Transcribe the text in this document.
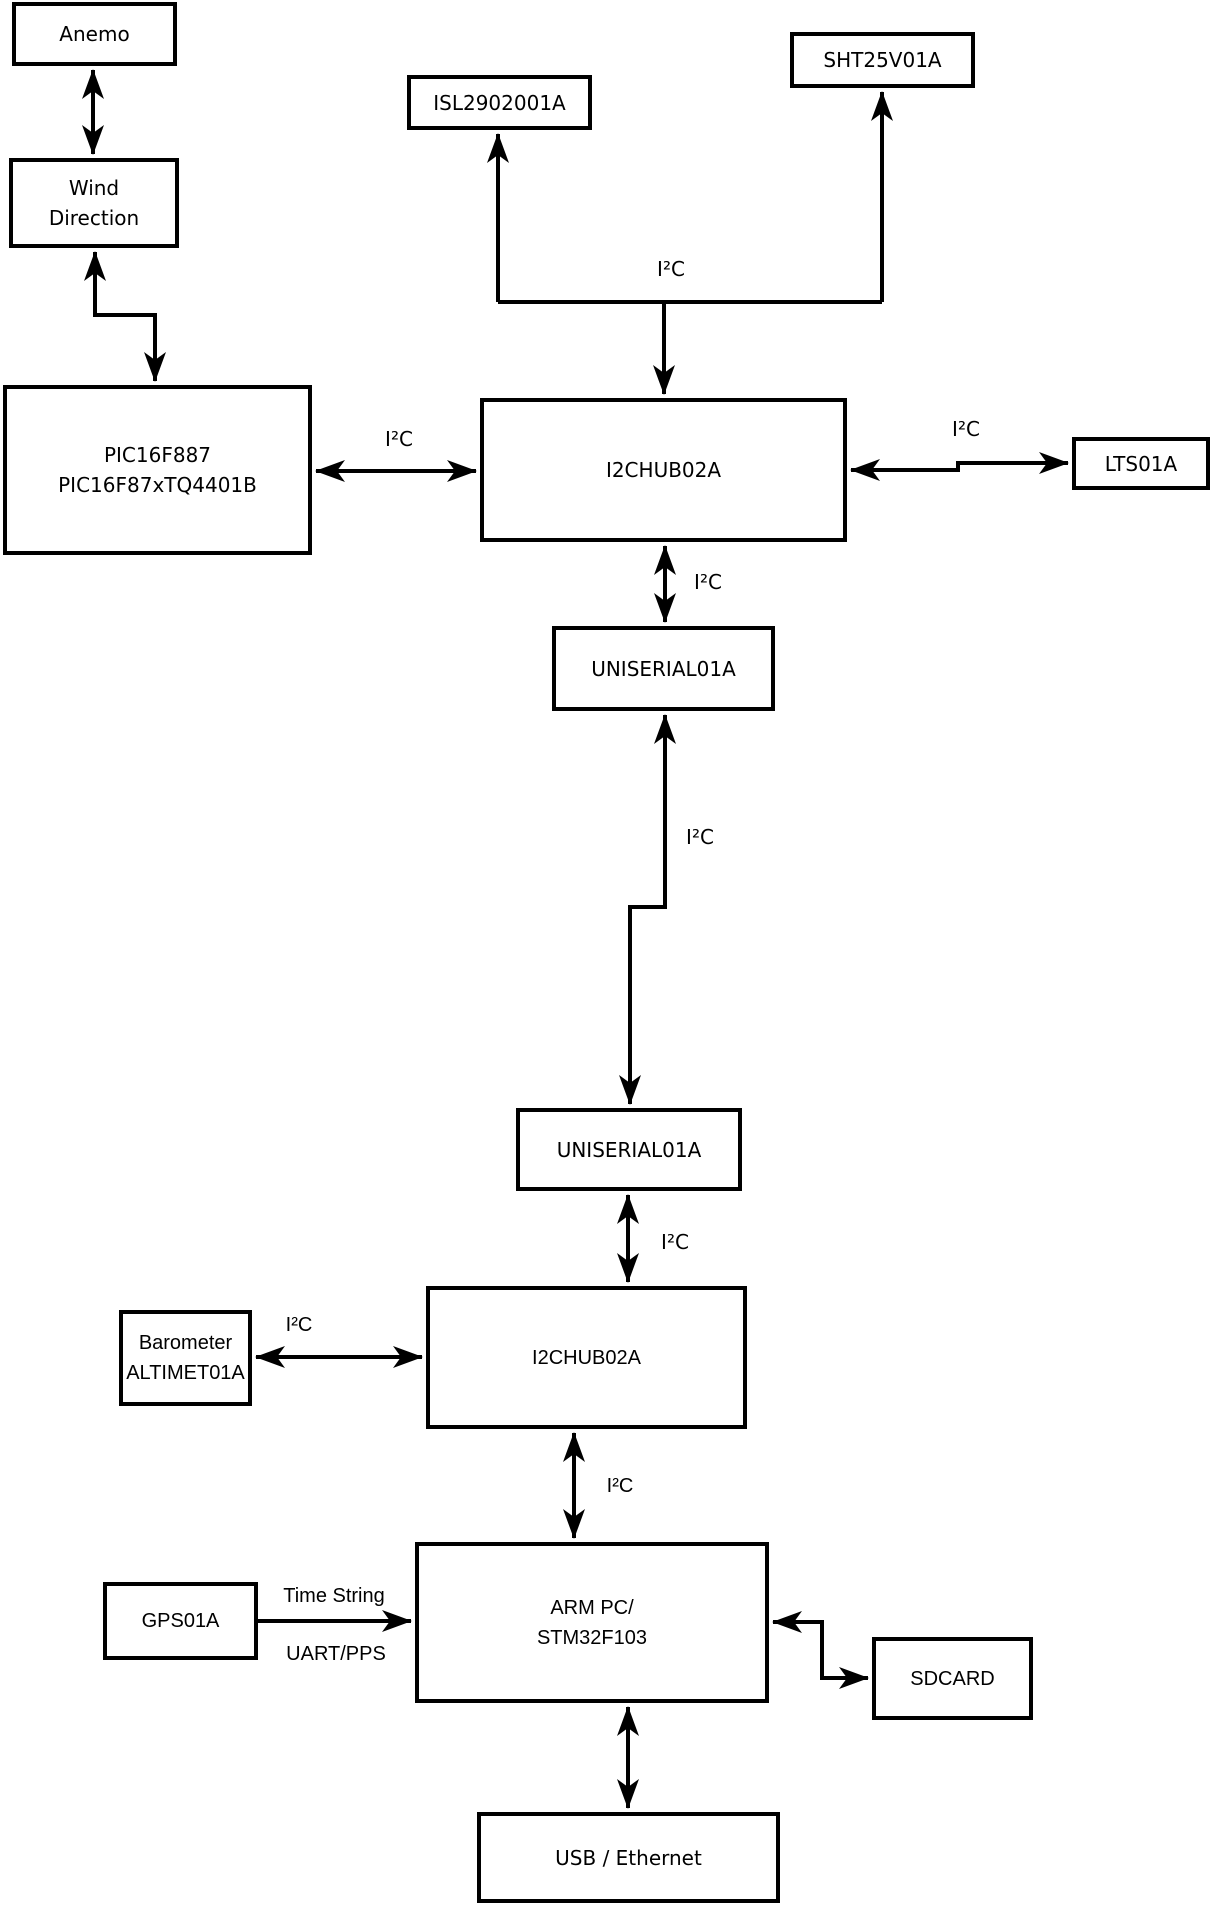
Anemo
Wind
Direction
PIC16F887
PIC16F87xTQ4401B
ISL2902001A
SHT25V01A
I2CHUB02A	LTS01A
UNISERIAL01A
UNISERIAL01A
I2CHUB02A
Barometer
ALTIMET01A
GPS01A
ARM PC/
STM32F103
SDCARD
USB / Ethernet
I²C
I²C	I²C
I²C
I²C
I²C
I²C
I²C
Time String
UART/PPS
